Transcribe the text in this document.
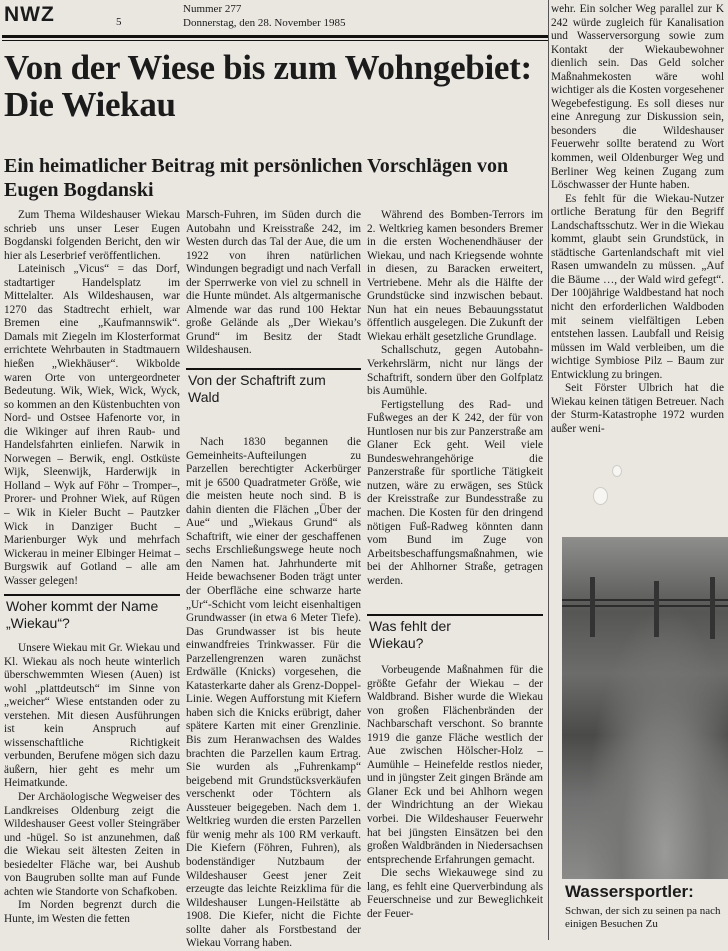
NWZ	5
Nummer 277
Donnerstag, den 28. November 1985
Von der Wiese bis zum Wohngebiet: Die Wiekau
Ein heimatlicher Beitrag mit persönlichen Vorschlägen von Eugen Bogdanski

Zum Thema Wildeshauser Wiekau schrieb uns unser Leser Eugen Bogdanski folgenden Bericht, den wir hier als Leserbrief veröffentlichen.

Lateinisch „Vicus“ = das Dorf, stadtartiger Handelsplatz im Mittelalter. Als Wildeshausen, war 1270 das Stadtrecht erhielt, war Bremen eine „Kaufmannswik“. Damals mit Ziegeln im Klosterformat errichtete Wehrbauten in Stadtmauern hießen „Wiekhäuser“. Wikbolde waren Orte von untergeordneter Bedeutung. Wik, Wiek, Wick, Wyck, so kommen an den Küstenbuchten von Nord- und Ostsee Hafenorte vor, in die Wikinger auf ihren Raub- und Handelsfahrten einliefen. Narwik in Norwegen – Berwik, engl. Ostküste Wijk, Sleenwijk, Harderwijk in Holland – Wyk auf Föhr – Tromper–, Prorer- und Prohner Wiek, auf Rügen – Wik in Kieler Bucht – Pautzker Wick in Danziger Bucht – Marienburger Wyk und mehrfach Wickerau in meiner Elbinger Heimat – Burgswik auf Gotland – alle am Wasser gelegen!

Woher kommt der Name „Wiekau“?

Unsere Wiekau mit Gr. Wiekau und Kl. Wiekau als noch heute winterlich überschwemmten Wiesen (Auen) ist wohl „plattdeutsch“ im Sinne von „weicher“ Wiese entstanden oder zu verstehen. Mit diesen Ausführungen ist kein Anspruch auf wissenschaftliche Richtigkeit verbunden, Berufene mögen sich dazu äußern, hier geht es mehr um Heimatkunde.

Der Archäologische Wegweiser des Landkreises Oldenburg zeigt die Wildeshauser Geest voller Steingräber und -hügel. So ist anzunehmen, daß die Wiekau seit ältesten Zeiten in besiedelter Fläche war, bei Aushub von Baugruben sollte man auf Funde achten wie Standorte von Schafkoben.

Im Norden begrenzt durch die Hunte, im Westen die fetten

Marsch-Fuhren, im Süden durch die Autobahn und Kreisstraße 242, im Westen durch das Tal der Aue, die um 1922 von ihren natürlichen Windungen begradigt und nach Verfall der Sperrwerke von viel zu schnell in die Hunte mündet. Als altgermanische Almende war das rund 100 Hektar große Gelände als „Der Wiekau’s Grund“ im Besitz der Stadt Wildeshausen.

Von der Schaftrift zum Wald

Nach 1830 begannen die Gemeinheits-Aufteilungen zu Parzellen berechtigter Ackerbürger mit je 6500 Quadratmeter Größe, wie die meisten heute noch sind. B is dahin dienten die Flächen „Über der Aue“ und „Wiekaus Grund“ als Schaftrift, wie einer der geschaffenen sechs Erschließungswege heute noch den Namen hat. Jahrhunderte mit Heide bewachsener Boden trägt unter der Oberfläche eine schwarze harte „Ur“-Schicht vom leicht eisenhaltigen Grundwasser (in etwa 6 Meter Tiefe). Das Grundwasser ist bis heute einwandfreies Trinkwasser. Für die Parzellengrenzen waren zunächst Erdwälle (Knicks) vorgesehen, die Katasterkarte daher als Grenz-Doppel-Linie. Wegen Aufforstung mit Kiefern haben sich die Knicks erübrigt, daher spätere Karten mit einer Grenzlinie. Bis zum Heranwachsen des Waldes brachten die Parzellen kaum Ertrag. Sie wurden als „Fuhrenkamp“ beigebend mit Grundstücksverkäufen verschenkt oder Töchtern als Aussteuer beigegeben. Nach dem 1. Weltkrieg wurden die ersten Parzellen für wenig mehr als 100 RM verkauft. Die Kiefern (Föhren, Fuhren), als bodenständiger Nutzbaum der Wildeshauser Geest jener Zeit erzeugte das leichte Reizklima für die Wildeshauser Lungen-Heilstätte ab 1908. Die Kiefer, nicht die Fichte sollte daher als Forstbestand der Wiekau Vorrang haben.

Während des Bomben-Terrors im 2. Weltkrieg kamen besonders Bremer in die ersten Wochenendhäuser der Wiekau, und nach Kriegsende wohnte in diesen, zu Baracken erweitert, Vertriebene. Mehr als die Hälfte der Grundstücke sind inzwischen bebaut. Nun hat ein neues Bebauungsstatut öffentlich ausgelegen. Die Zukunft der Wiekau erhält gesetzliche Grundlage.

Schallschutz, gegen Autobahn-Verkehrslärm, nicht nur längs der Schaftrift, sondern über den Golfplatz bis Aumühle.

Fertigstellung des Rad- und Fußweges an der K 242, der für von Huntlosen nur bis zur Panzerstraße am Glaner Eck geht. Weil viele Bundeswehrangehörige die Panzerstraße für sportliche Tätigkeit nutzen, wäre zu erwägen, ses Stück der Kreisstraße zur Bundesstraße zu machen. Die Kosten für den dringend nötigen Fuß-Radweg könnten dann vom Bund im Zuge von Arbeitsbeschaffungsmaßnahmen, wie bei der Ahlhorner Straße, getragen werden.

Was fehlt der Wiekau?

Vorbeugende Maßnahmen für die größte Gefahr der Wiekau – der Waldbrand. Bisher wurde die Wiekau von großen Flächenbränden der Nachbarschaft verschont. So brannte 1919 die ganze Fläche westlich der Aue zwischen Hölscher-Holz – Aumühle – Heinefelde restlos nieder, und in jüngster Zeit gingen Brände am Glaner Eck und bei Ahlhorn wegen der Windrichtung an der Wiekau vorbei. Die Wildeshauser Feuerwehr hat bei jüngsten Einsätzen bei den großen Waldbränden in Niedersachsen entsprechende Erfahrungen gemacht.

Die sechs Wiekauwege sind zu lang, es fehlt eine Querverbindung als Feuerschneise und zur Beweglichkeit der Feuer-

wehr. Ein solcher Weg parallel zur K 242 würde zugleich für Kanalisation und Wasserversorgung sowie zum Kontakt der Wiekaubewohner dienlich sein. Das Geld solcher Maßnahmekosten wäre wohl wichtiger als die Kosten vorgesehener Wegebefestigung. Es soll dieses nur eine Anregung zur Diskussion sein, besonders die Wildeshauser Feuerwehr sollte beratend zu Wort kommen, weil Oldenburger Weg und Berliner Weg keinen Zugang zum Löschwasser der Hunte haben.

Es fehlt für die Wiekau-Nutzer ortliche Beratung für den Begriff Landschaftsschutz. Wer in die Wiekau kommt, glaubt sein Grundstück, in städtische Gartenlandschaft mit viel Rasen umwandeln zu müssen. „Auf die Bäume …, der Wald wird gefegt“. Der 100jährige Waldbestand hat noch nicht den erforderlichen Waldboden mit seinem vielfältigen Leben entstehen lassen. Laubfall und Reisig müssen im Wald verbleiben, um die wichtige Symbiose Pilz – Baum zur Entwicklung zu bringen.

Seit Förster Ulbrich hat die Wiekau keinen tätigen Betreuer. Nach der Sturm-Katastrophe 1972 wurden außer weni-

Wassersportler:
Schwan, der sich zu seinen pa nach einigen Besuchen Zu
